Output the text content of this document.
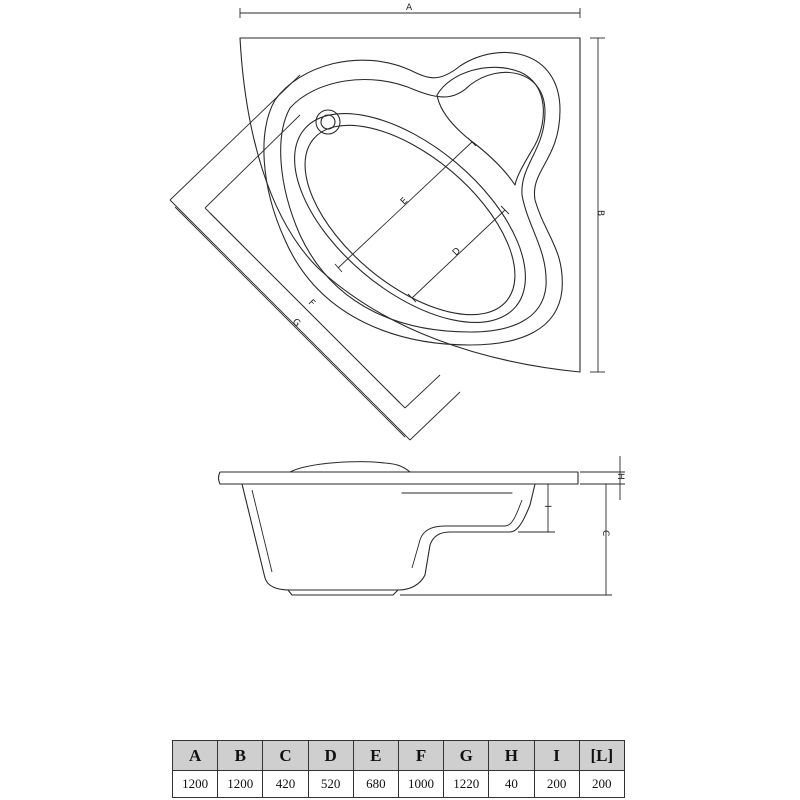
A
B
G
F
E
D
H
I
C
A	B	C	D	E	F	G	H	I	[L]
1200	1200	420	520	680	1000	1220	40	200	200
